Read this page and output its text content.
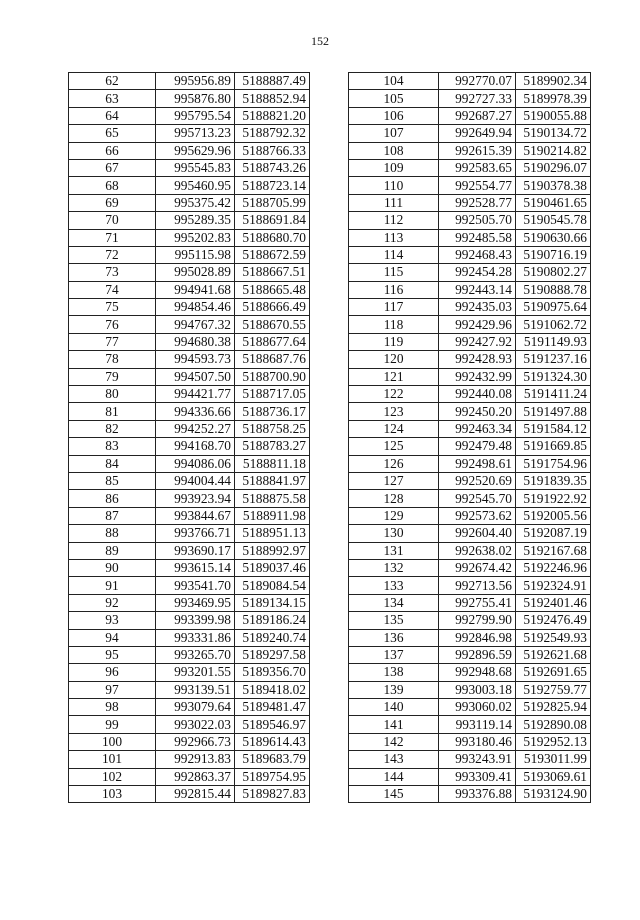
152
62	995956.89	5188887.49
63	995876.80	5188852.94
64	995795.54	5188821.20
65	995713.23	5188792.32
66	995629.96	5188766.33
67	995545.83	5188743.26
68	995460.95	5188723.14
69	995375.42	5188705.99
70	995289.35	5188691.84
71	995202.83	5188680.70
72	995115.98	5188672.59
73	995028.89	5188667.51
74	994941.68	5188665.48
75	994854.46	5188666.49
76	994767.32	5188670.55
77	994680.38	5188677.64
78	994593.73	5188687.76
79	994507.50	5188700.90
80	994421.77	5188717.05
81	994336.66	5188736.17
82	994252.27	5188758.25
83	994168.70	5188783.27
84	994086.06	5188811.18
85	994004.44	5188841.97
86	993923.94	5188875.58
87	993844.67	5188911.98
88	993766.71	5188951.13
89	993690.17	5188992.97
90	993615.14	5189037.46
91	993541.70	5189084.54
92	993469.95	5189134.15
93	993399.98	5189186.24
94	993331.86	5189240.74
95	993265.70	5189297.58
96	993201.55	5189356.70
97	993139.51	5189418.02
98	993079.64	5189481.47
99	993022.03	5189546.97
100	992966.73	5189614.43
101	992913.83	5189683.79
102	992863.37	5189754.95
103	992815.44	5189827.83
104	992770.07	5189902.34
105	992727.33	5189978.39
106	992687.27	5190055.88
107	992649.94	5190134.72
108	992615.39	5190214.82
109	992583.65	5190296.07
110	992554.77	5190378.38
111	992528.77	5190461.65
112	992505.70	5190545.78
113	992485.58	5190630.66
114	992468.43	5190716.19
115	992454.28	5190802.27
116	992443.14	5190888.78
117	992435.03	5190975.64
118	992429.96	5191062.72
119	992427.92	5191149.93
120	992428.93	5191237.16
121	992432.99	5191324.30
122	992440.08	5191411.24
123	992450.20	5191497.88
124	992463.34	5191584.12
125	992479.48	5191669.85
126	992498.61	5191754.96
127	992520.69	5191839.35
128	992545.70	5191922.92
129	992573.62	5192005.56
130	992604.40	5192087.19
131	992638.02	5192167.68
132	992674.42	5192246.96
133	992713.56	5192324.91
134	992755.41	5192401.46
135	992799.90	5192476.49
136	992846.98	5192549.93
137	992896.59	5192621.68
138	992948.68	5192691.65
139	993003.18	5192759.77
140	993060.02	5192825.94
141	993119.14	5192890.08
142	993180.46	5192952.13
143	993243.91	5193011.99
144	993309.41	5193069.61
145	993376.88	5193124.90
